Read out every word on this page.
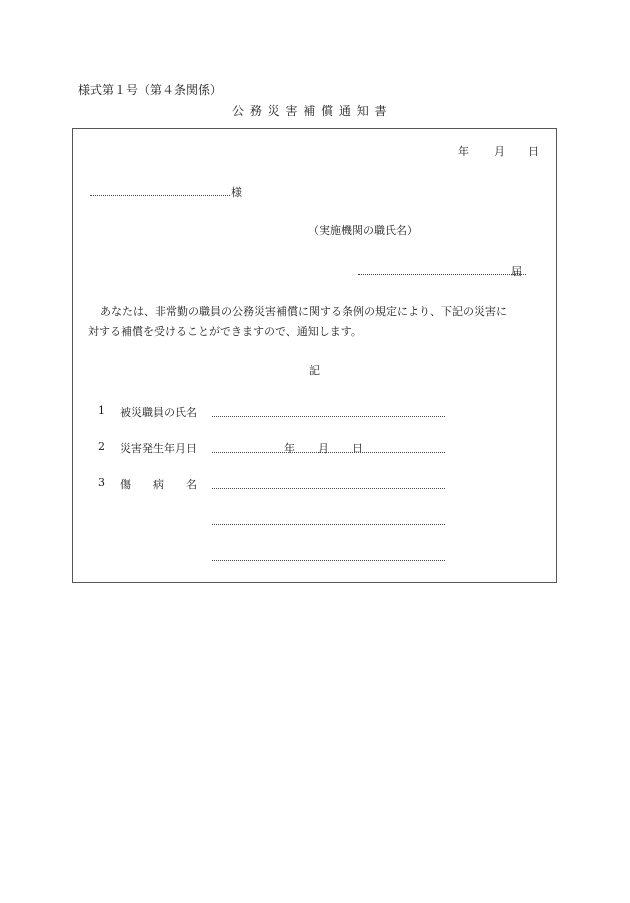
様式第１号（第４条関係）
公 務 災 害 補 償 通 知 書
年 月 日
様
（実施機関の職氏名）
届
あなたは、非常勤の職員の公務災害補償に関する条例の規定により、下記の災害に
対する補償を受けることができますので、通知します。
記
1 被災職員の氏名
2 災害発生年月日	年 月 日
3 傷　　病　　名
